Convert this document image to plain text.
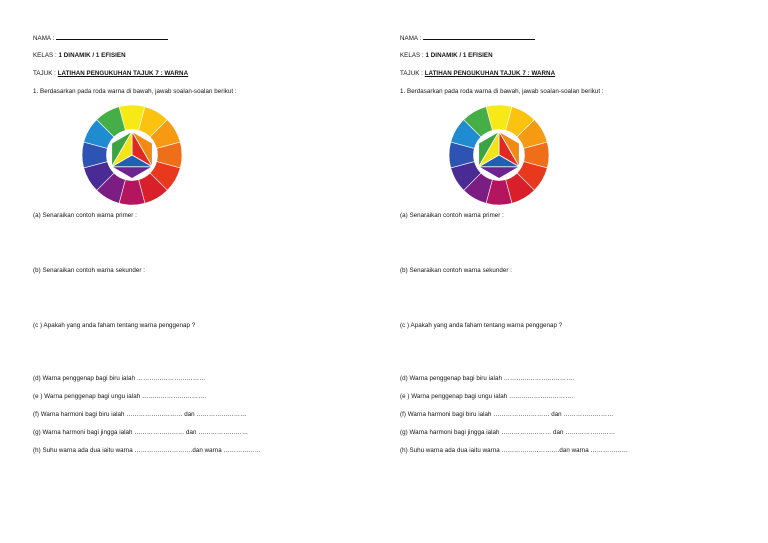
NAMA :
KELAS : 1 DINAMIK / 1 EFISIEN
TAJUK : LATIHAN PENGUKUHAN TAJUK 7 : WARNA
1. Berdasarkan pada roda warna di bawah, jawab soalan-soalan berikut :
(a) Senaraikan contoh warna primer :
(b) Senaraikan contoh warna sekunder :
(c ) Apakah yang anda faham tentang warna penggenap ?
(d) Warna penggenap bagi biru ialah ……………………………
(e ) Warna penggenap bagi ungu ialah ………………………….
(f) Warna harmoni bagi biru ialah ……………………… dan ……………………
(g) Warna harmoni bagi jingga ialah …………………… dan ……………………
(h) Suhu warna ada dua iaitu warna ……………………….dan warna ………………
NAMA :
KELAS : 1 DINAMIK / 1 EFISIEN
TAJUK : LATIHAN PENGUKUHAN TAJUK 7 : WARNA
1. Berdasarkan pada roda warna di bawah, jawab soalan-soalan berikut :
(a) Senaraikan contoh warna primer :
(b) Senaraikan contoh warna sekunder :
(c ) Apakah yang anda faham tentang warna penggenap ?
(d) Warna penggenap bagi biru ialah …………………………….
(e ) Warna penggenap bagi ungu ialah ………………………….
(f) Warna harmoni bagi biru ialah ……………………… dan ……………………
(g) Warna harmoni bagi jingga ialah …………………… dan ……………………
(h) Suhu warna ada dua iaitu warna ……………………….dan warna ………………
